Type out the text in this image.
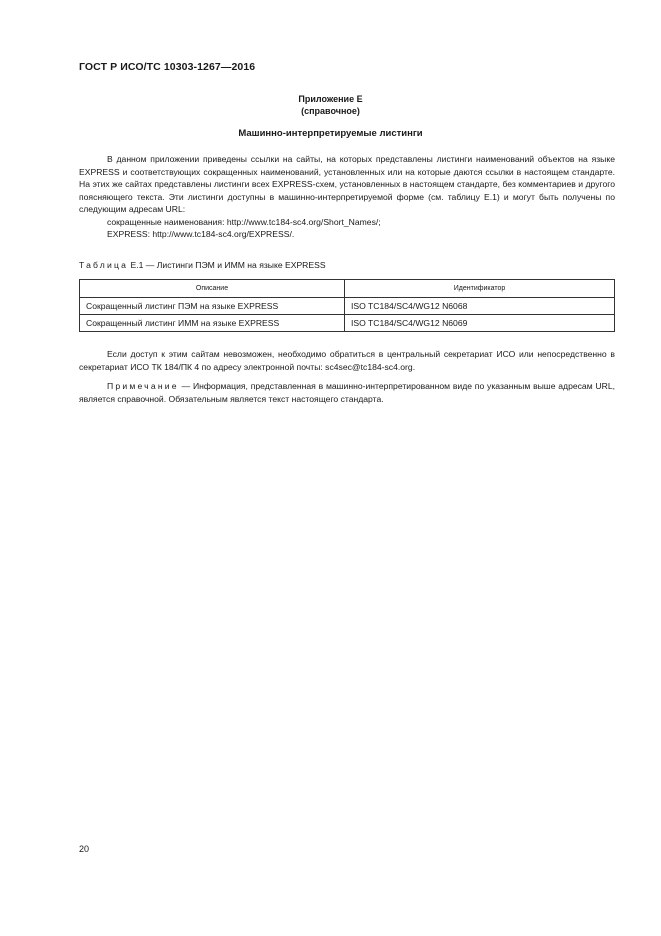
ГОСТ Р ИСО/ТС 10303-1267—2016
Приложение Е
(справочное)
Машинно-интерпретируемые листинги

В данном приложении приведены ссылки на сайты, на которых представлены листинги наименований объектов на языке EXPRESS и соответствующих сокращенных наименований, установленных или на которые даются ссылки в настоящем стандарте. На этих же сайтах представлены листинги всех EXPRESS-схем, установленных в настоящем стандарте, без комментариев и другого поясняющего текста. Эти листинги доступны в машинно-интерпретируемой форме (см. таблицу Е.1) и могут быть получены по следующим адресам URL:

сокращенные наименования: http://www.tc184-sc4.org/Short_Names/;

EXPRESS: http://www.tc184-sc4.org/EXPRESS/.

Таблица Е.1 — Листинги ПЭМ и ИММ на языке EXPRESS
Описание	Идентификатор
Сокращенный листинг ПЭМ на языке EXPRESS	ISO TC184/SC4/WG12 N6068
Сокращенный листинг ИММ на языке EXPRESS	ISO TC184/SC4/WG12 N6069

Если доступ к этим сайтам невозможен, необходимо обратиться в центральный секретариат ИСО или непосредственно в секретариат ИСО ТК 184/ПК 4 по адресу электронной почты: sc4sec@tc184-sc4.org.

Примечание — Информация, представленная в машинно-интерпретированном виде по указанным выше адресам URL, является справочной. Обязательным является текст настоящего стандарта.

20
